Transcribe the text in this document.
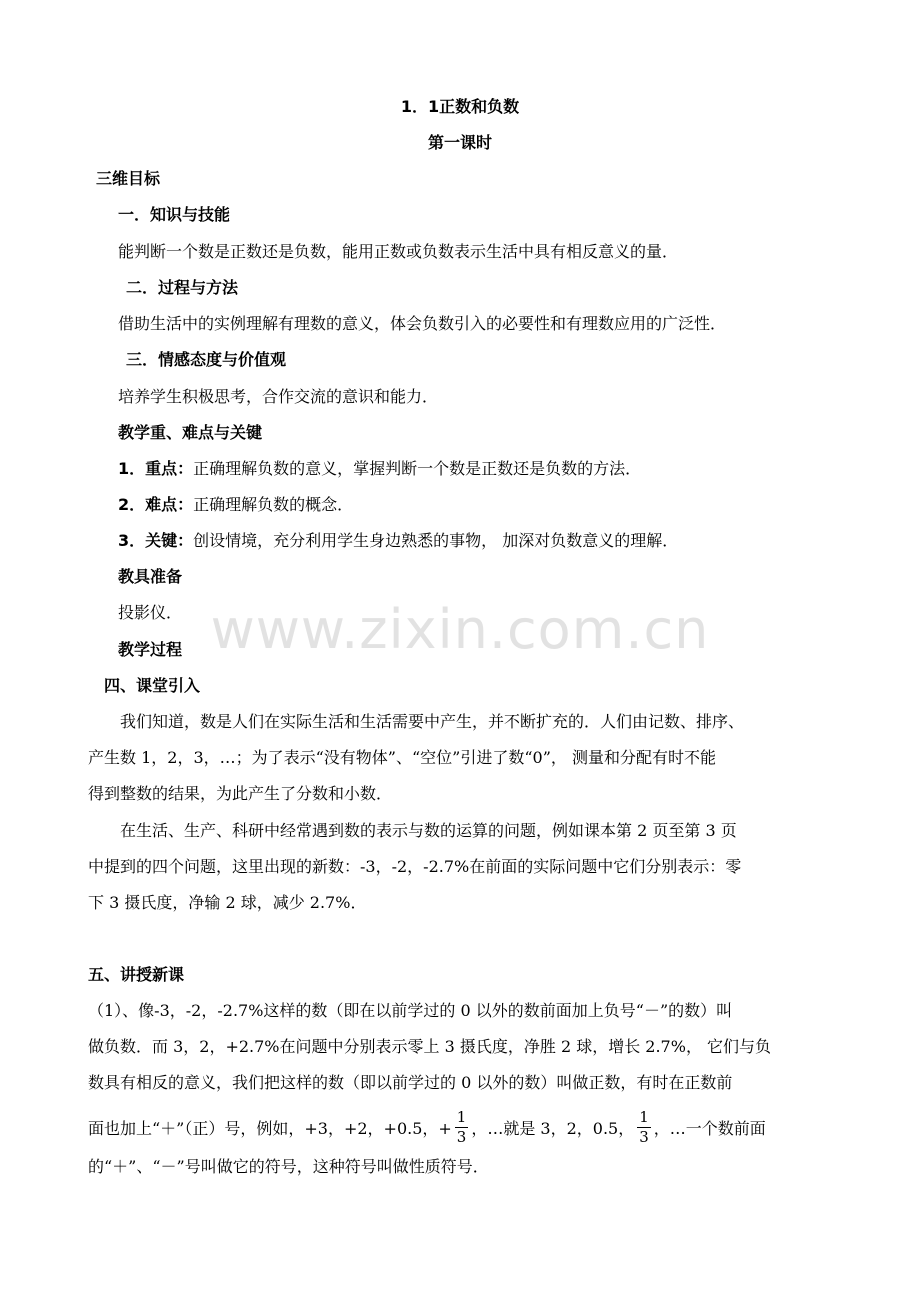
www.zixin.com.cn
1．1正数和负数
第一课时
三维目标
一．知识与技能
能判断一个数是正数还是负数，能用正数或负数表示生活中具有相反意义的量．
二．过程与方法
借助生活中的实例理解有理数的意义，体会负数引入的必要性和有理数应用的广泛性．
三．情感态度与价值观
培养学生积极思考，合作交流的意识和能力．
教学重、难点与关键
1．重点：正确理解负数的意义，掌握判断一个数是正数还是负数的方法．
2．难点：正确理解负数的概念．
3．关键：创设情境，充分利用学生身边熟悉的事物， 加深对负数意义的理解．
教具准备
投影仪．
教学过程
四、课堂引入
我们知道，数是人们在实际生活和生活需要中产生，并不断扩充的．人们由记数、排序、
产生数 1，2，3，…；为了表示“没有物体”、“空位”引进了数“0”， 测量和分配有时不能
得到整数的结果，为此产生了分数和小数．
在生活、生产、科研中经常遇到数的表示与数的运算的问题，例如课本第 2 页至第 3 页
中提到的四个问题，这里出现的新数：-3，-2，-2.7%在前面的实际问题中它们分别表示：零
下 3 摄氏度，净输 2 球，减少 2.7%．
五、讲授新课
（1）、像-3，-2，-2.7%这样的数（即在以前学过的 0 以外的数前面加上负号“－”的数）叫
做负数．而 3，2，+2.7%在问题中分别表示零上 3 摄氏度，净胜 2 球，增长 2.7%， 它们与负
数具有相反的意义，我们把这样的数（即以前学过的 0 以外的数）叫做正数，有时在正数前
面也加上“＋”（正）号，例如，+3，+2，+0.5，+ $\frac{1}{3}$ ，…就是 3，2，0.5， $\frac{1}{3}$ ，…一个数前面
的“＋”、“－”号叫做它的符号，这种符号叫做性质符号．
